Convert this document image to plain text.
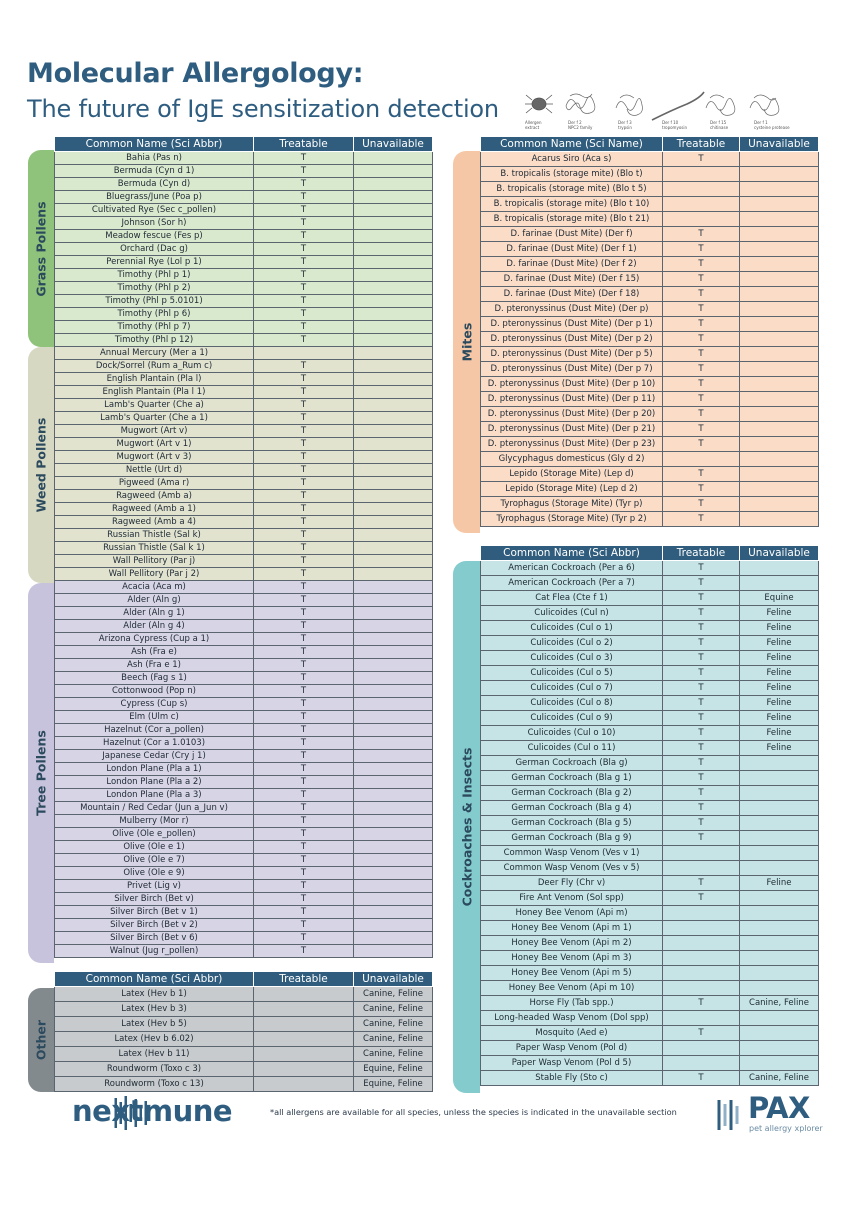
Molecular Allergology:
The future of IgE sensitization detection	Allergen
extract
Der f 2
NPC2 family
Der f 3
trypsin
Der f 10
tropomyosin
Der f 15
chitinase
Der f 1
cysteine protease
Grass Pollens
Weed Pollens
Tree Pollens
Other
Mites
Cockroaches & Insects
Common Name (Sci Abbr)	Treatable	Unavailable
Bahia (Pas n)	T	
Bermuda (Cyn d 1)	T	
Bermuda (Cyn d)	T	
Bluegrass/June (Poa p)	T	
Cultivated Rye (Sec c_pollen)	T	
Johnson (Sor h)	T	
Meadow fescue (Fes p)	T	
Orchard (Dac g)	T	
Perennial Rye (Lol p 1)	T	
Timothy (Phl p 1)	T	
Timothy (Phl p 2)	T	
Timothy (Phl p 5.0101)	T	
Timothy (Phl p 6)	T	
Timothy (Phl p 7)	T	
Timothy (Phl p 12)	T	
Annual Mercury (Mer a 1)		
Dock/Sorrel (Rum a_Rum c)	T	
English Plantain (Pla l)	T	
English Plantain (Pla l 1)	T	
Lamb's Quarter (Che a)	T	
Lamb's Quarter (Che a 1)	T	
Mugwort (Art v)	T	
Mugwort (Art v 1)	T	
Mugwort (Art v 3)	T	
Nettle (Urt d)	T	
Pigweed (Ama r)	T	
Ragweed (Amb a)	T	
Ragweed (Amb a 1)	T	
Ragweed (Amb a 4)	T	
Russian Thistle (Sal k)	T	
Russian Thistle (Sal k 1)	T	
Wall Pellitory (Par j)	T	
Wall Pellitory (Par j 2)	T	
Acacia (Aca m)	T	
Alder (Aln g)	T	
Alder (Aln g 1)	T	
Alder (Aln g 4)	T	
Arizona Cypress (Cup a 1)	T	
Ash (Fra e)	T	
Ash (Fra e 1)	T	
Beech (Fag s 1)	T	
Cottonwood (Pop n)	T	
Cypress (Cup s)	T	
Elm (Ulm c)	T	
Hazelnut (Cor a_pollen)	T	
Hazelnut (Cor a 1.0103)	T	
Japanese Cedar (Cry j 1)	T	
London Plane (Pla a 1)	T	
London Plane (Pla a 2)	T	
London Plane (Pla a 3)	T	
Mountain / Red Cedar (Jun a_Jun v)	T	
Mulberry (Mor r)	T	
Olive (Ole e_pollen)	T	
Olive (Ole e 1)	T	
Olive (Ole e 7)	T	
Olive (Ole e 9)	T	
Privet (Lig v)	T	
Silver Birch (Bet v)	T	
Silver Birch (Bet v 1)	T	
Silver Birch (Bet v 2)	T	
Silver Birch (Bet v 6)	T	
Walnut (Jug r_pollen)	T	
Common Name (Sci Abbr)	Treatable	Unavailable
Latex (Hev b 1)		Canine, Feline
Latex (Hev b 3)		Canine, Feline
Latex (Hev b 5)		Canine, Feline
Latex (Hev b 6.02)		Canine, Feline
Latex (Hev b 11)		Canine, Feline
Roundworm (Toxo c 3)		Equine, Feline
Roundworm (Toxo c 13)		Equine, Feline
Common Name (Sci Name)	Treatable	Unavailable
Acarus Siro (Aca s)	T	
B. tropicalis (storage mite) (Blo t)		
B. tropicalis (storage mite) (Blo t 5)		
B. tropicalis (storage mite) (Blo t 10)		
B. tropicalis (storage mite) (Blo t 21)		
D. farinae (Dust Mite) (Der f)	T	
D. farinae (Dust Mite) (Der f 1)	T	
D. farinae (Dust Mite) (Der f 2)	T	
D. farinae (Dust Mite) (Der f 15)	T	
D. farinae (Dust Mite) (Der f 18)	T	
D. pteronyssinus (Dust Mite) (Der p)	T	
D. pteronyssinus (Dust Mite) (Der p 1)	T	
D. pteronyssinus (Dust Mite) (Der p 2)	T	
D. pteronyssinus (Dust Mite) (Der p 5)	T	
D. pteronyssinus (Dust Mite) (Der p 7)	T	
D. pteronyssinus (Dust Mite) (Der p 10)	T	
D. pteronyssinus (Dust Mite) (Der p 11)	T	
D. pteronyssinus (Dust Mite) (Der p 20)	T	
D. pteronyssinus (Dust Mite) (Der p 21)	T	
D. pteronyssinus (Dust Mite) (Der p 23)	T	
Glycyphagus domesticus (Gly d 2)		
Lepido (Storage Mite) (Lep d)	T	
Lepido (Storage Mite) (Lep d 2)	T	
Tyrophagus (Storage Mite) (Tyr p)	T	
Tyrophagus (Storage Mite) (Tyr p 2)	T	
Common Name (Sci Abbr)	Treatable	Unavailable
American Cockroach (Per a 6)	T	
American Cockroach (Per a 7)	T	
Cat Flea (Cte f 1)	T	Equine
Culicoides (Cul n)	T	Feline
Culicoides (Cul o 1)	T	Feline
Culicoides (Cul o 2)	T	Feline
Culicoides (Cul o 3)	T	Feline
Culicoides (Cul o 5)	T	Feline
Culicoides (Cul o 7)	T	Feline
Culicoides (Cul o 8)	T	Feline
Culicoides (Cul o 9)	T	Feline
Culicoides (Cul o 10)	T	Feline
Culicoides (Cul o 11)	T	Feline
German Cockroach (Bla g)	T	
German Cockroach (Bla g 1)	T	
German Cockroach (Bla g 2)	T	
German Cockroach (Bla g 4)	T	
German Cockroach (Bla g 5)	T	
German Cockroach (Bla g 9)	T	
Common Wasp Venom (Ves v 1)		
Common Wasp Venom (Ves v 5)		
Deer Fly (Chr v)	T	Feline
Fire Ant Venom (Sol spp)	T	
Honey Bee Venom (Api m)		
Honey Bee Venom (Api m 1)		
Honey Bee Venom (Api m 2)		
Honey Bee Venom (Api m 3)		
Honey Bee Venom (Api m 5)		
Honey Bee Venom (Api m 10)		
Horse Fly (Tab spp.)	T	Canine, Feline
Long-headed Wasp Venom (Dol spp)		
Mosquito (Aed e)	T	
Paper Wasp Venom (Pol d)		
Paper Wasp Venom (Pol d 5)		
Stable Fly (Sto c)	T	Canine, Feline
nextmune	*all allergens are available for all species, unless the species is indicated in the unavailable section PAX
pet allergy xplorer
